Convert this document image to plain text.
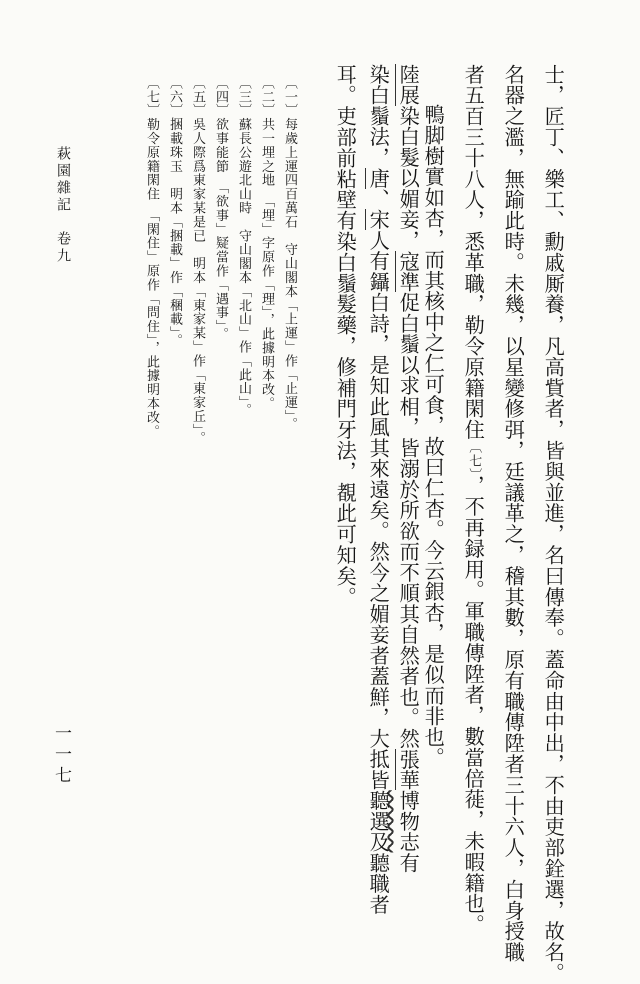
士，匠丁、樂工、勳戚厮養，凡高貲者，皆與並進，名曰傳奉。蓋命由中出，不由吏部銓選，故名。
名器之濫，無踰此時。未幾，以星變修弭，廷議革之，稽其數，原有職傳陞者三十六人，白身授職
者五百三十八人，悉革職，勒令原籍閑住〔七〕，不再録用。軍職傳陞者，數當倍蓰，未暇籍也。
鴨脚樹實如杏，而其核中之仁可食，故曰仁杏。今云銀杏，是似而非也。
陸展染白髮以媚妾，寇準促白鬚以求相，皆溺於所欲而不順其自然者也。然張華博物志有
染白鬚法，唐、宋人有鑷白詩，是知此風其來遠矣。然今之媚妾者蓋鮮，大抵皆聽選及聽職者
耳。吏部前粘壁有染白鬚髮藥，修補門牙法，覩此可知矣。
〔一〕每歲上運四百萬石　守山閣本「上運」作「止運」。
〔二〕共一埋之地　「埋」字原作「理」，此據明本改。
〔三〕蘇長公遊北山時　守山閣本「北山」作「此山」。
〔四〕欲事能節　「欲事」疑當作「遇事」。
〔五〕吳人際爲東家某是已　明本「東家某」作「東家丘」。
〔六〕捆載珠玉　明本「捆載」作「稛載」。
〔七〕勒令原籍閑住　「閑住」原作「問住」，此據明本改。
萩園雜記　卷九
一一七
